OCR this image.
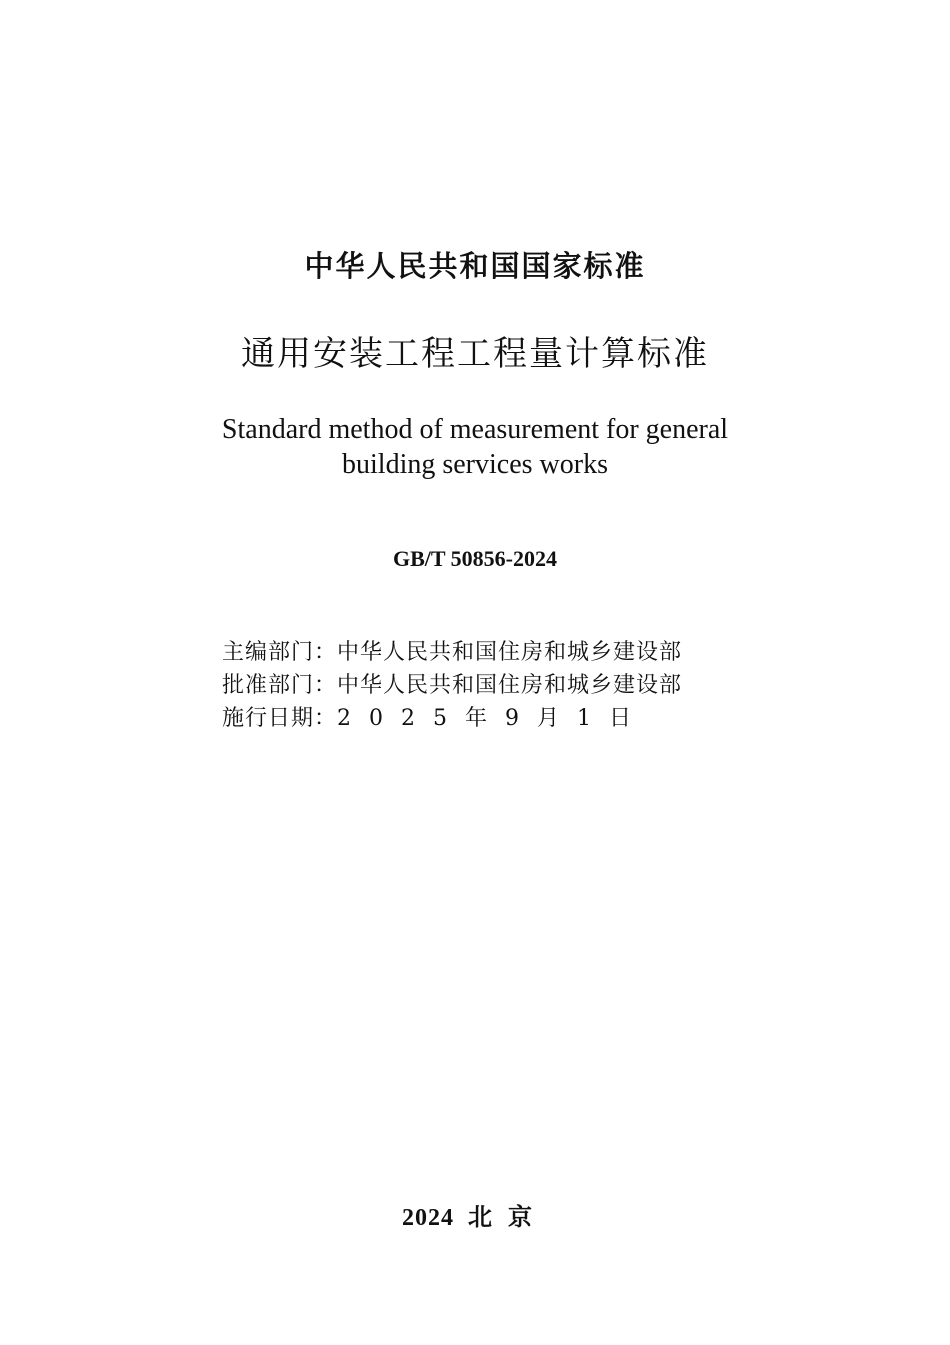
中华人民共和国国家标准
通用安装工程工程量计算标准
Standard method of measurement for general
building services works
GB/T 50856-2024
主编部门： 中华人民共和国住房和城乡建设部
批准部门： 中华人民共和国住房和城乡建设部
施行日期： 2025年9月1日
2024 北京
